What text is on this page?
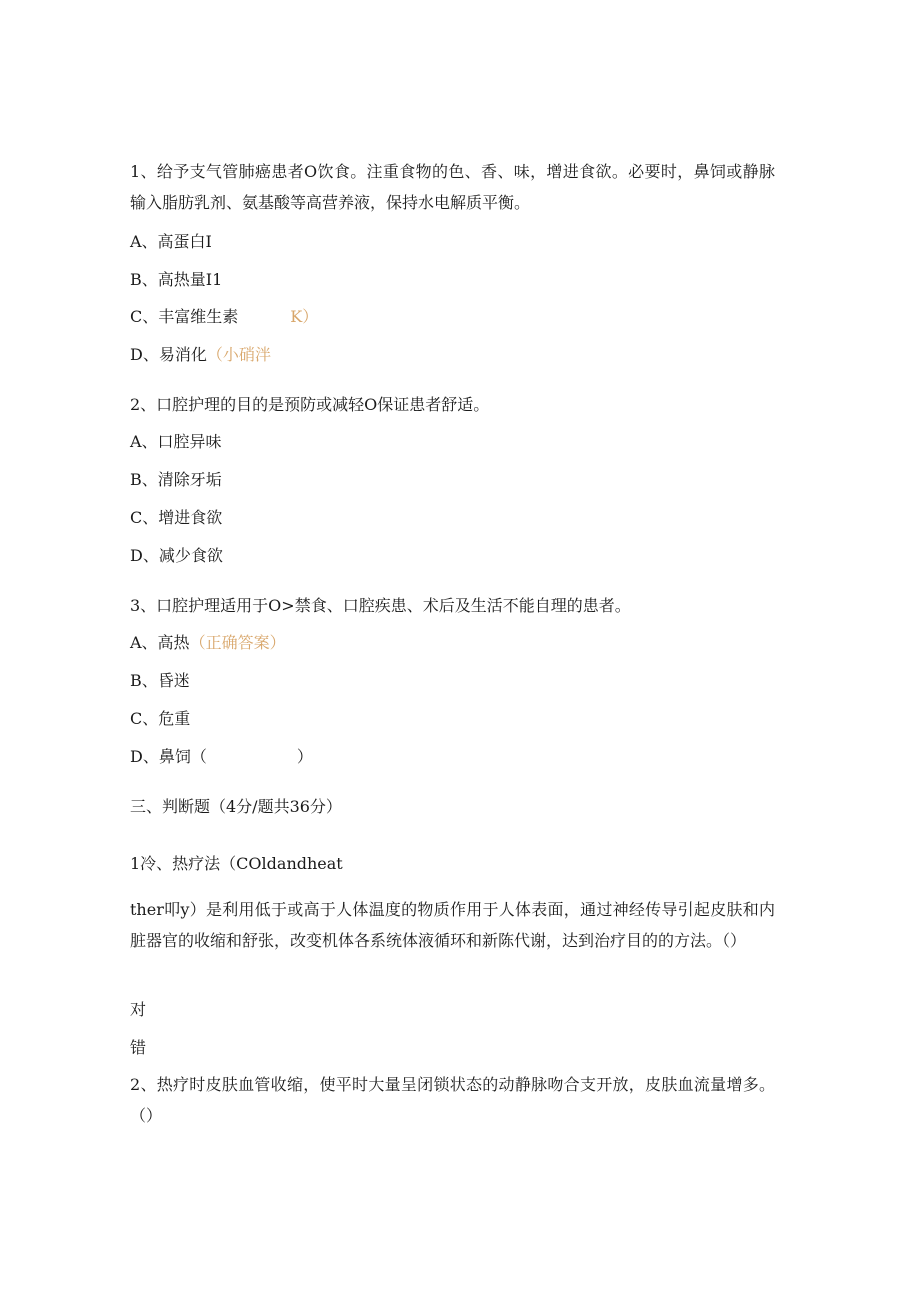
1、给予支气管肺癌患者O饮食。注重食物的色、香、味，增进食欲。必要时，鼻饲或静脉输入脂肪乳剂、氨基酸等高营养液，保持水电解质平衡。
A、高蛋白I
B、高热量I1
C、丰富维生素	K）
D、易消化（小硝泮
2、口腔护理的目的是预防或减轻O保证患者舒适。
A、口腔异味
B、清除牙垢
C、增进食欲
D、减少食欲
3、口腔护理适用于O>禁食、口腔疾患、术后及生活不能自理的患者。
A、高热（正确答案）
B、昏迷
C、危重
D、鼻饲（	）
三、判断题（4分/题共36分）
1冷、热疗法（COldandheat
ther叩y）是利用低于或高于人体温度的物质作用于人体表面，通过神经传导引起皮肤和内脏器官的收缩和舒张，改变机体各系统体液循环和新陈代谢，达到治疗目的的方法。（）
对
错
2、热疗时皮肤血管收缩，使平时大量呈闭锁状态的动静脉吻合支开放，皮肤血流量增多。（）
